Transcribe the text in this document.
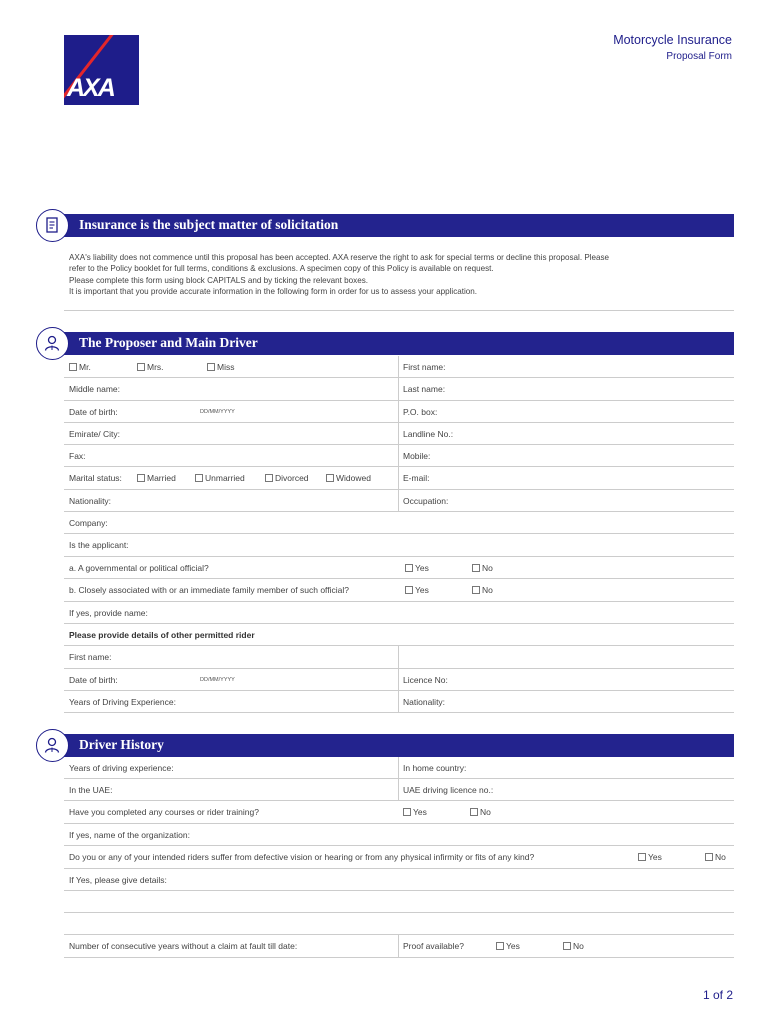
AXA
Motorcycle Insurance
Proposal Form
Insurance is the subject matter of solicitation
AXA's liability does not commence until this proposal has been accepted. AXA reserve the right to ask for special terms or decline this proposal. Please
refer to the Policy booklet for full terms, conditions & exclusions. A specimen copy of this Policy is available on request.
Please complete this form using block CAPITALS and by ticking the relevant boxes.
It is important that you provide accurate information in the following form in order for us to assess your application.
The Proposer and Main Driver
Mr.	Mrs.	Miss	First name:
Middle name:	Last name:
Date of birth:	DD/MM/YYYY	P.O. box:
Emirate/ City:	Landline No.:
Fax:	Mobile:
Marital status:	Married	Unmarried	Divorced	Widowed	E-mail:
Nationality:	Occupation:
Company:
Is the applicant:
a. A governmental or political official?	Yes	No
b. Closely associated with or an immediate family member of such official?	Yes	No
If yes, provide name:
Please provide details of other permitted rider
First name:
Date of birth:	DD/MM/YYYY	Licence No:
Years of Driving Experience:	Nationality:
Driver History
Years of driving experience:	In home country:
In the UAE:	UAE driving licence no.:
Have you completed any courses or rider training?	Yes	No
If yes, name of the organization:
Do you or any of your intended riders suffer from defective vision or hearing or from any physical infirmity or fits of any kind?	Yes	No
If Yes, please give details:
Number of consecutive years without a claim at fault till date:	Proof available?	Yes	No
1 of 2
